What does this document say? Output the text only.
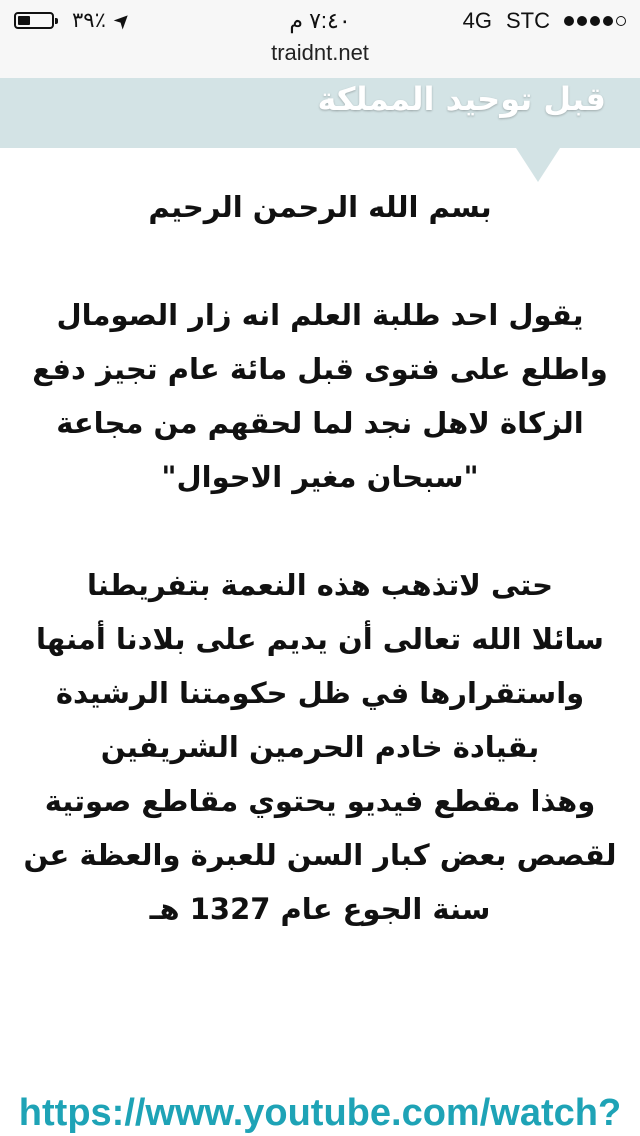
٣٩٪ ➤	٧:٤٠ م	4G STC
traidnt.net
قبل توحيد المملكة
بسم الله الرحمن الرحيم
يقول احد طلبة العلم انه زار الصومال
واطلع على فتوى قبل مائة عام تجيز دفع
الزكاة لاهل نجد لما لحقهم من مجاعة
"سبحان مغير الاحوال"
حتى لاتذهب هذه النعمة بتفريطنا
سائلا الله تعالى أن يديم على بلادنا أمنها
واستقرارها في ظل حكومتنا الرشيدة
بقيادة خادم الحرمين الشريفين
وهذا مقطع فيديو يحتوي مقاطع صوتية
لقصص بعض كبار السن للعبرة والعظة عن
سنة الجوع عام 1327 هـ
https://www.youtube.com/watch?
